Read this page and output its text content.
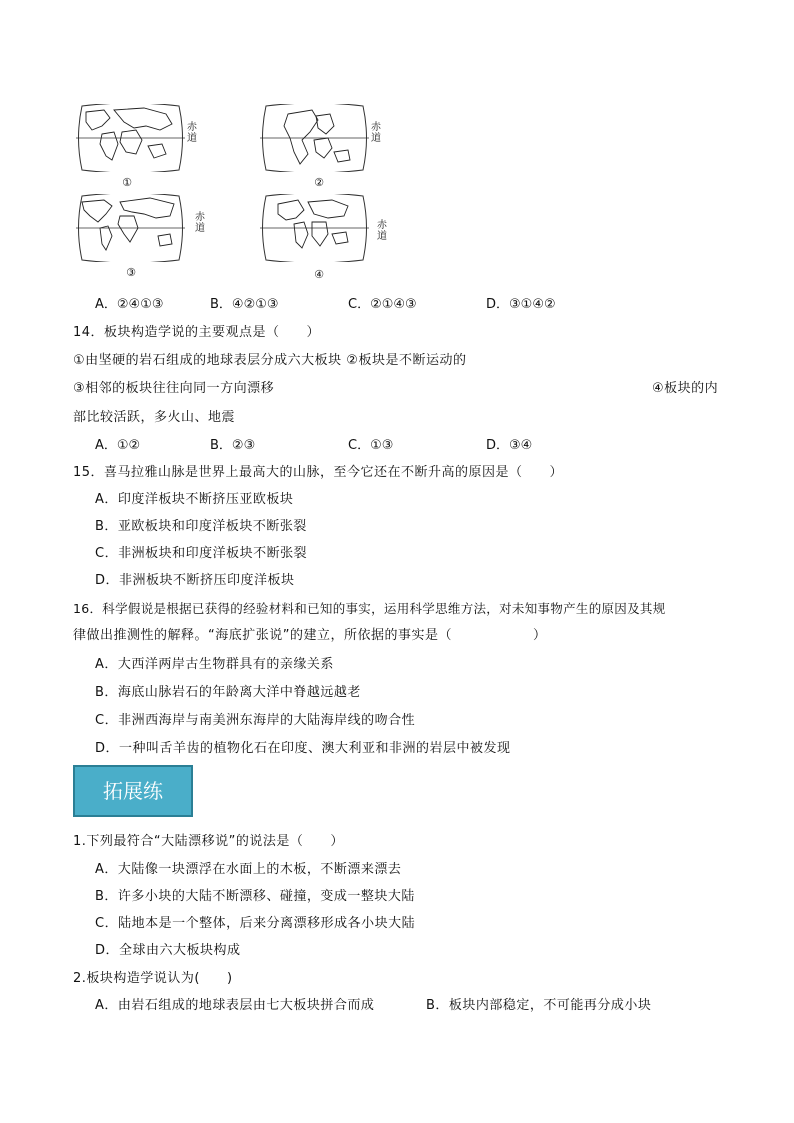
赤道
①
赤道
②
赤道
③
赤道
④
A．②④①③	B．④②①③	C．②①④③	D．③①④②
14．板块构造学说的主要观点是（　　）
①由坚硬的岩石组成的地球表层分成六大板块 ②板块是不断运动的
③相邻的板块往往向同一方向漂移	④板块的内
部比较活跃，多火山、地震
A．①②	B．②③	C．①③	D．③④
15．喜马拉雅山脉是世界上最高大的山脉，至今它还在不断升高的原因是（　　）
A．印度洋板块不断挤压亚欧板块
B．亚欧板块和印度洋板块不断张裂
C．非洲板块和印度洋板块不断张裂
D．非洲板块不断挤压印度洋板块
16．科学假说是根据已获得的经验材料和已知的事实，运用科学思维方法，对未知事物产生的原因及其规
律做出推测性的解释。“海底扩张说”的建立，所依据的事实是（　　　　　　）
A．大西洋两岸古生物群具有的亲缘关系
B．海底山脉岩石的年龄离大洋中脊越远越老
C．非洲西海岸与南美洲东海岸的大陆海岸线的吻合性
D．一种叫舌羊齿的植物化石在印度、澳大利亚和非洲的岩层中被发现
拓展练
1.下列最符合“大陆漂移说”的说法是（　　）
A．大陆像一块漂浮在水面上的木板，不断漂来漂去
B．许多小块的大陆不断漂移、碰撞，变成一整块大陆
C．陆地本是一个整体，后来分离漂移形成各小块大陆
D．全球由六大板块构成
2.板块构造学说认为(　　)
A．由岩石组成的地球表层由七大板块拼合而成	B．板块内部稳定，不可能再分成小块
